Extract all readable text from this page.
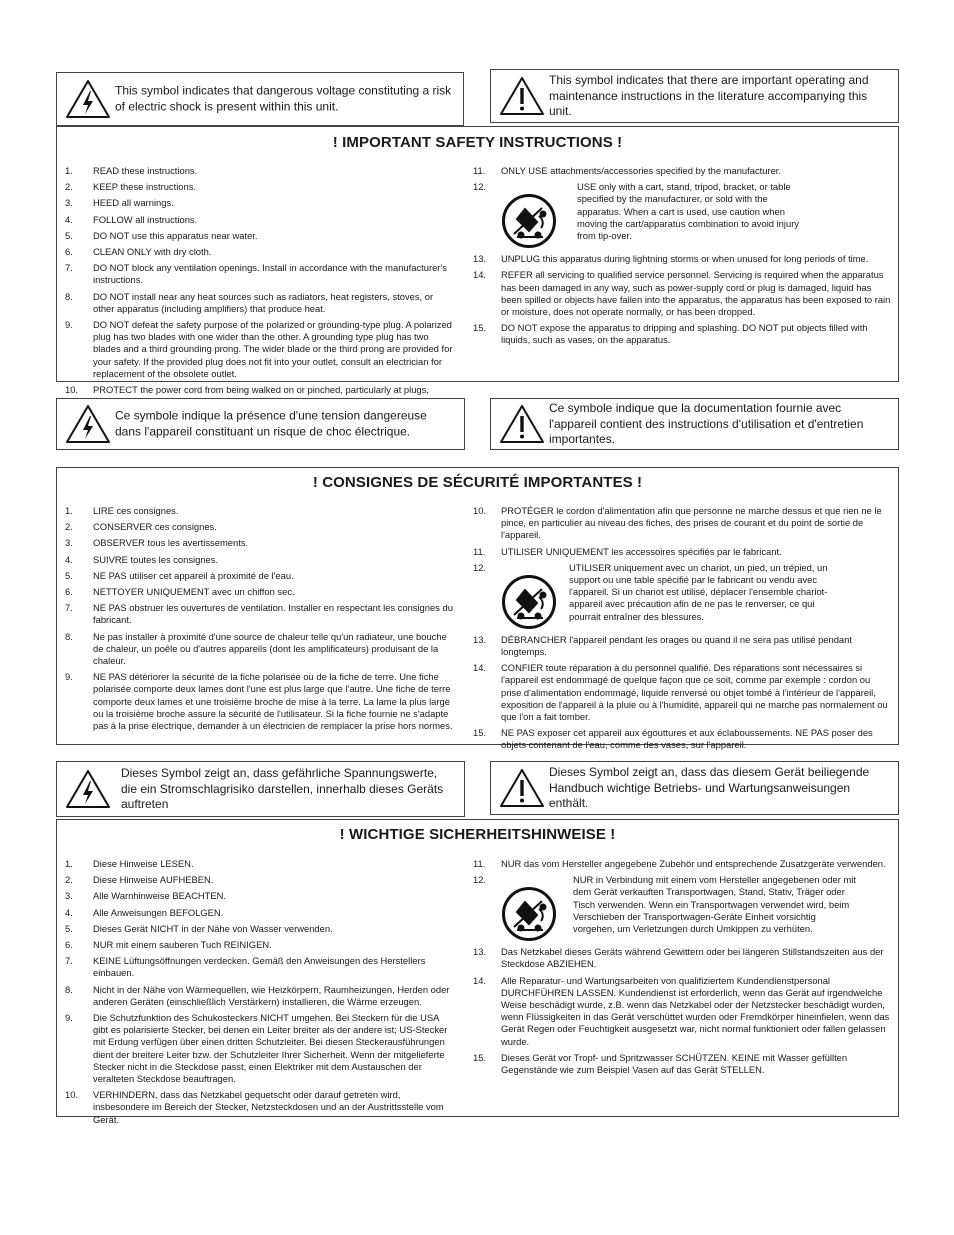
This symbol indicates that dangerous voltage constituting a risk of electric shock is present within this unit.
This symbol indicates that there are important operating and maintenance instructions in the literature accompanying this unit.
! IMPORTANT SAFETY INSTRUCTIONS !
1. READ these instructions.
2. KEEP these instructions.
3. HEED all warnings.
4. FOLLOW all instructions.
5. DO NOT use this apparatus near water.
6. CLEAN ONLY with dry cloth.
7. DO NOT block any ventilation openings. Install in accordance with the manufacturer's instructions.
8. DO NOT install near any heat sources such as radiators, heat registers, stoves, or other apparatus (including amplifiers) that produce heat.
9. DO NOT defeat the safety purpose of the polarized or grounding-type plug. A polarized plug has two blades with one wider than the other. A grounding type plug has two blades and a third grounding prong. The wider blade or the third prong are provided for your safety. If the provided plug does not fit into your outlet, consult an electrician for replacement of the obsolete outlet.
10. PROTECT the power cord from being walked on or pinched, particularly at plugs,
11. ONLY USE attachments/accessories specified by the manufacturer.
12.	USE only with a cart, stand, tripod, bracket, or table specified by the manufacturer, or sold with the apparatus. When a cart is used, use caution when moving the cart/apparatus combination to avoid injury from tip-over.
13. UNPLUG this apparatus during lightning storms or when unused for long periods of time.
14. REFER all servicing to qualified service personnel. Servicing is required when the apparatus has been damaged in any way, such as power-supply cord or plug is damaged, liquid has been spilled or objects have fallen into the apparatus, the apparatus has been exposed to rain or moisture, does not operate normally, or has been dropped.
15. DO NOT expose the apparatus to dripping and splashing. DO NOT put objects filled with liquids, such as vases, on the apparatus.
Ce symbole indique la présence d'une tension dangereuse dans l'appareil constituant un risque de choc électrique.
Ce symbole indique que la documentation fournie avec l'appareil contient des instructions d'utilisation et d'entretien importantes.
! CONSIGNES DE SÉCURITÉ IMPORTANTES !
1. LIRE ces consignes.
2. CONSERVER ces consignes.
3. OBSERVER tous les avertissements.
4. SUIVRE toutes les consignes.
5. NE PAS utiliser cet appareil à proximité de l'eau.
6. NETTOYER UNIQUEMENT avec un chiffon sec.
7. NE PAS obstruer les ouvertures de ventilation. Installer en respectant les consignes du fabricant.
8. Ne pas installer à proximité d'une source de chaleur telle qu'un radiateur, une bouche de chaleur, un poêle ou d'autres appareils (dont les amplificateurs) produisant de la chaleur.
9. NE PAS détériorer la sécurité de la fiche polarisée ou de la fiche de terre. Une fiche polarisée comporte deux lames dont l'une est plus large que l'autre. Une fiche de terre comporte deux lames et une troisième broche de mise à la terre. La lame la plus large ou la troisième broche assure la sécurité de l'utilisateur. Si la fiche fournie ne s'adapte pas à la prise électrique, demander à un électricien de remplacer la prise hors normes.
10. PROTÉGER le cordon d'alimentation afin que personne ne marche dessus et que rien ne le pince, en particulier au niveau des fiches, des prises de courant et du point de sortie de l'appareil.
11. UTILISER UNIQUEMENT les accessoires spécifiés par le fabricant.
12.	UTILISER uniquement avec un chariot, un pied, un trépied, un support ou une table spécifié par le fabricant ou vendu avec l'appareil. Si un chariot est utilisé, déplacer l'ensemble chariot-appareil avec précaution afin de ne pas le renverser, ce qui pourrait entraîner des blessures.
13. DÉBRANCHER l'appareil pendant les orages ou quand il ne sera pas utilisé pendant longtemps.
14. CONFIER toute réparation à du personnel qualifié. Des réparations sont nécessaires si l'appareil est endommagé de quelque façon que ce soit, comme par exemple : cordon ou prise d'alimentation endommagé, liquide renversé ou objet tombé à l'intérieur de l'appareil, exposition de l'appareil à la pluie ou à l'humidité, appareil qui ne marche pas normalement ou que l'on a fait tomber.
15. NE PAS exposer cet appareil aux égouttures et aux éclaboussements. NE PAS poser des objets contenant de l'eau, comme des vases, sur l'appareil.
Dieses Symbol zeigt an, dass gefährliche Spannungswerte, die ein Stromschlagrisiko darstellen, innerhalb dieses Geräts auftreten
Dieses Symbol zeigt an, dass das diesem Gerät beiliegende Handbuch wichtige Betriebs- und Wartungsanweisungen enthält.
! WICHTIGE SICHERHEITSHINWEISE !
1. Diese Hinweise LESEN.
2. Diese Hinweise AUFHEBEN.
3. Alle Warnhinweise BEACHTEN.
4. Alle Anweisungen BEFOLGEN.
5. Dieses Gerät NICHT in der Nähe von Wasser verwenden.
6. NUR mit einem sauberen Tuch REINIGEN.
7. KEINE Lüftungsöffnungen verdecken. Gemäß den Anweisungen des Herstellers einbauen.
8. Nicht in der Nähe von Wärmequellen, wie Heizkörpern, Raumheizungen, Herden oder anderen Geräten (einschließlich Verstärkern) installieren, die Wärme erzeugen.
9. Die Schutzfunktion des Schukosteckers NICHT umgehen. Bei Steckern für die USA gibt es polarisierte Stecker, bei denen ein Leiter breiter als der andere ist; US-Stecker mit Erdung verfügen über einen dritten Schutzleiter. Bei diesen Steckerausführungen dient der breitere Leiter bzw. der Schutzleiter Ihrer Sicherheit. Wenn der mitgelieferte Stecker nicht in die Steckdose passt, einen Elektriker mit dem Austauschen der veralteten Steckdose beauftragen.
10. VERHINDERN, dass das Netzkabel gequetscht oder darauf getreten wird, insbesondere im Bereich der Stecker, Netzsteckdosen und an der Austrittsstelle vom Gerät.
11. NUR das vom Hersteller angegebene Zubehör und entsprechende Zusatzgeräte verwenden.
12.	NUR in Verbindung mit einem vom Hersteller angegebenen oder mit dem Gerät verkauften Transportwagen, Stand, Stativ, Träger oder Tisch verwenden. Wenn ein Transportwagen verwendet wird, beim Verschieben der Transportwagen-Geräte Einheit vorsichtig vorgehen, um Verletzungen durch Umkippen zu verhüten.
13. Das Netzkabel dieses Geräts während Gewittern oder bei längeren Stillstandszeiten aus der Steckdose ABZIEHEN.
14. Alle Reparatur- und Wartungsarbeiten von qualifiziertem Kundendienstpersonal DURCHFÜHREN LASSEN. Kundendienst ist erforderlich, wenn das Gerät auf irgendwelche Weise beschädigt wurde, z.B. wenn das Netzkabel oder der Netzstecker beschädigt wurden, wenn Flüssigkeiten in das Gerät verschüttet wurden oder Fremdkörper hineinfielen, wenn das Gerät Regen oder Feuchtigkeit ausgesetzt war, nicht normal funktioniert oder fallen gelassen wurde.
15. Dieses Gerät vor Tropf- und Spritzwasser SCHÜTZEN. KEINE mit Wasser gefüllten Gegenstände wie zum Beispiel Vasen auf das Gerät STELLEN.
